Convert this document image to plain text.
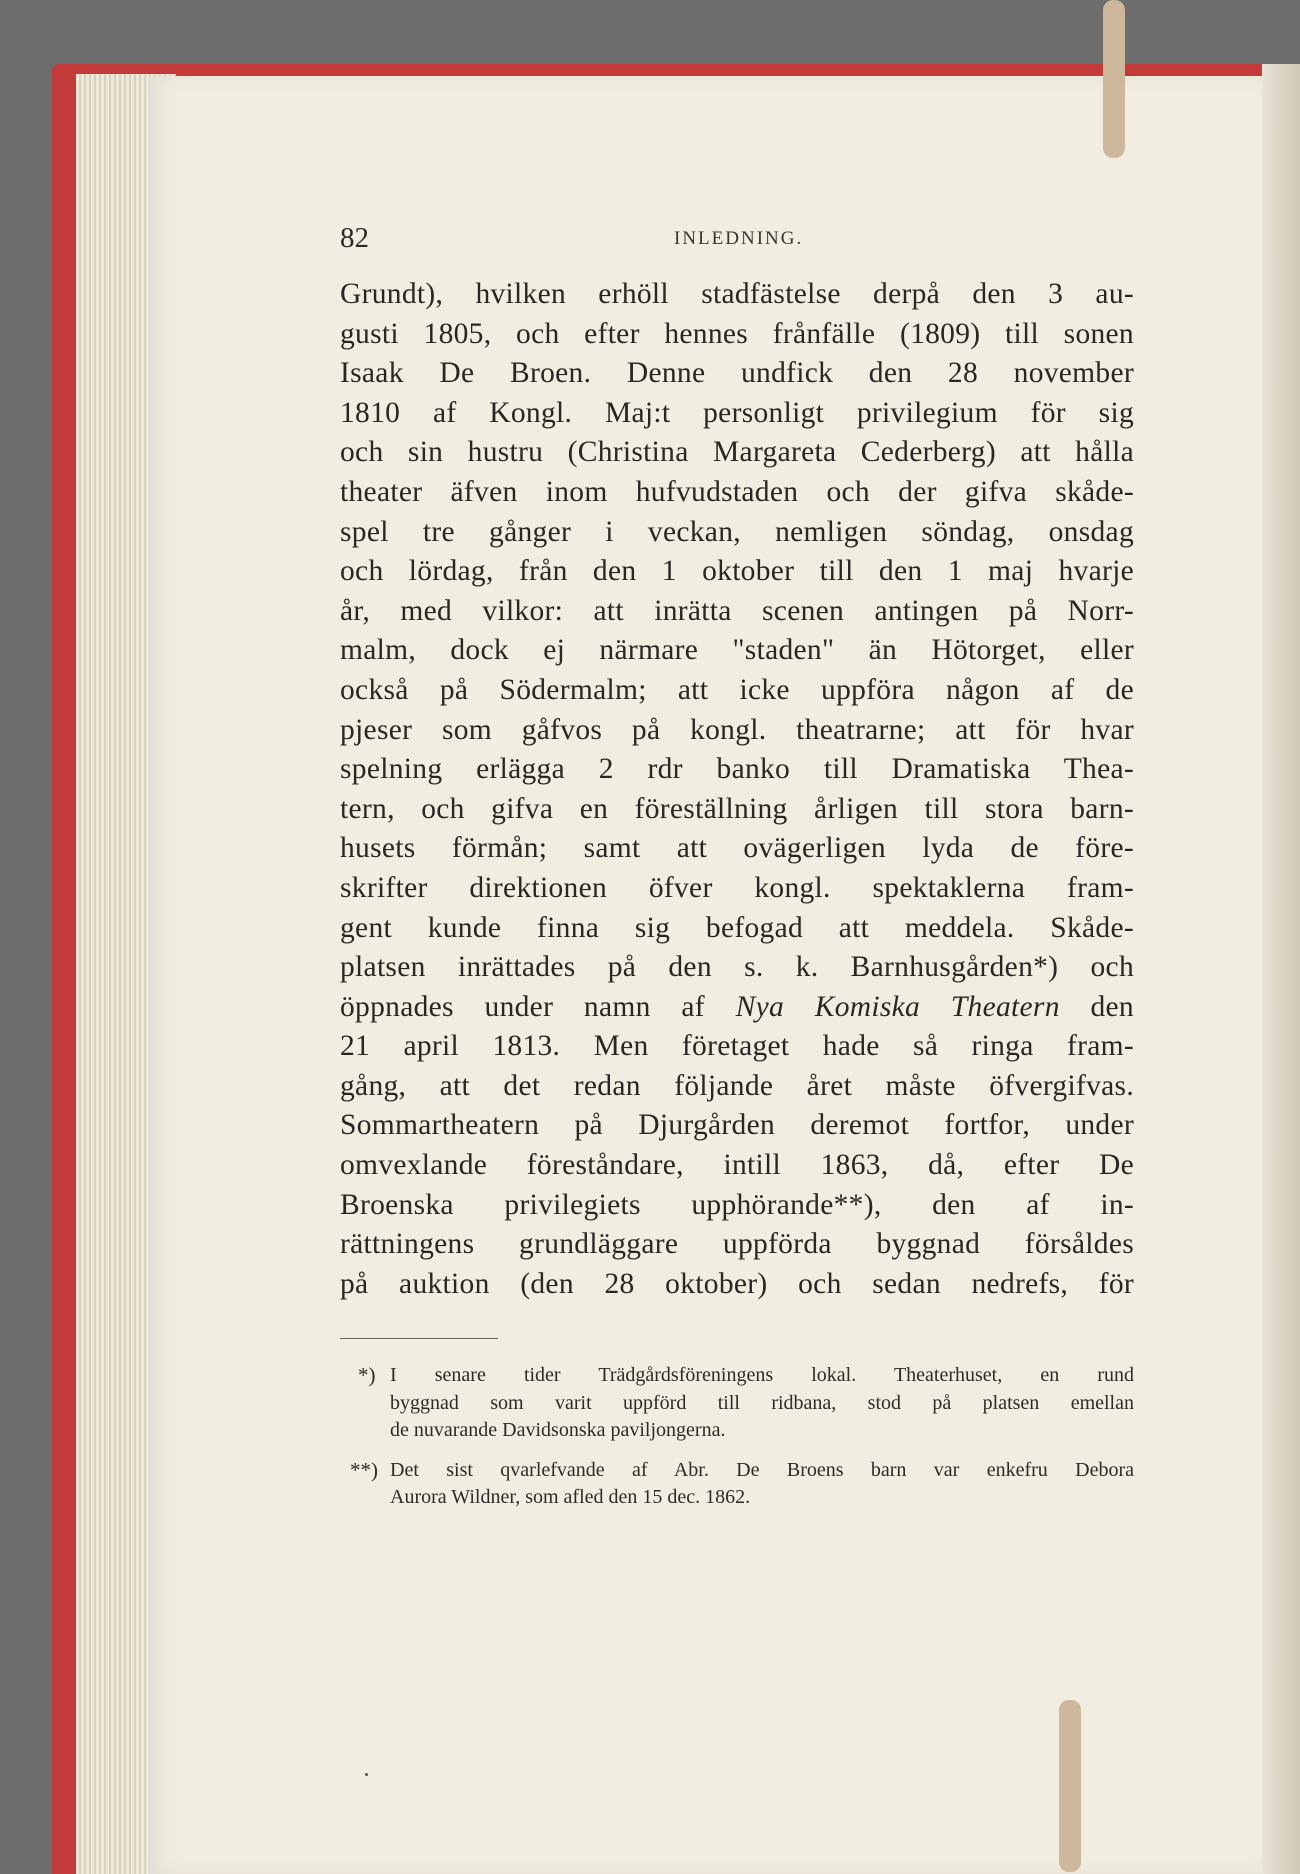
82	INLEDNING.
Grundt), hvilken erhöll stadfästelse derpå den 3 au-
gusti 1805, och efter hennes frånfälle (1809) till sonen
Isaak De Broen. Denne undfick den 28 november
1810 af Kongl. Maj:t personligt privilegium för sig
och sin hustru (Christina Margareta Cederberg) att hålla
theater äfven inom hufvudstaden och der gifva skåde-
spel tre gånger i veckan, nemligen söndag, onsdag
och lördag, från den 1 oktober till den 1 maj hvarje
år, med vilkor: att inrätta scenen antingen på Norr-
malm, dock ej närmare "staden" än Hötorget, eller
också på Södermalm; att icke uppföra någon af de
pjeser som gåfvos på kongl. theatrarne; att för hvar
spelning erlägga 2 rdr banko till Dramatiska Thea-
tern, och gifva en föreställning årligen till stora barn-
husets förmån; samt att ovägerligen lyda de före-
skrifter direktionen öfver kongl. spektaklerna fram-
gent kunde finna sig befogad att meddela. Skåde-
platsen inrättades på den s. k. Barnhusgården*) och
öppnades under namn af Nya Komiska Theatern den
21 april 1813. Men företaget hade så ringa fram-
gång, att det redan följande året måste öfvergifvas.
Sommartheatern på Djurgården deremot fortfor, under
omvexlande föreståndare, intill 1863, då, efter De
Broenska privilegiets upphörande**), den af in-
rättningens grundläggare uppförda byggnad försåldes
på auktion (den 28 oktober) och sedan nedrefs, för
*) I senare tider Trädgårdsföreningens lokal. Theaterhuset, en rund
byggnad som varit uppförd till ridbana, stod på platsen emellan
de nuvarande Davidsonska paviljongerna.
**) Det sist qvarlefvande af Abr. De Broens barn var enkefru Debora
Aurora Wildner, som afled den 15 dec. 1862.
